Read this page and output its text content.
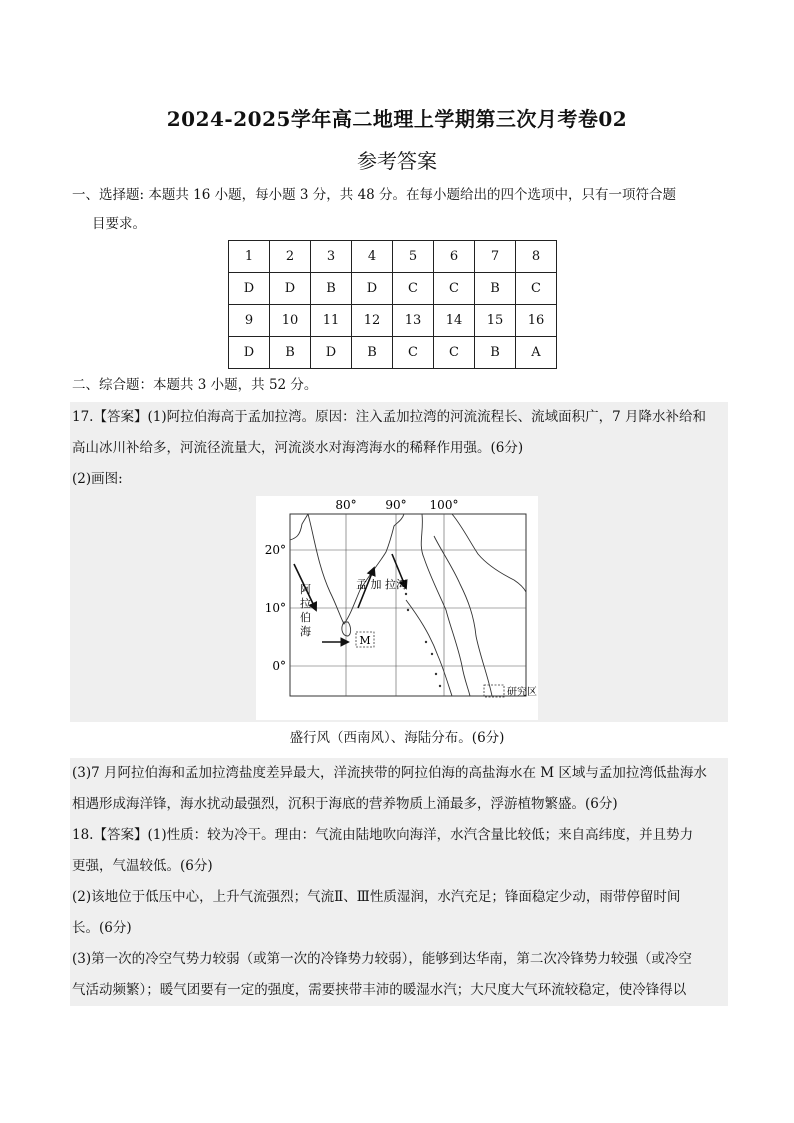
2024-2025学年高二地理上学期第三次月考卷02
参考答案
一、选择题: 本题共 16 小题，每小题 3 分，共 48 分。在每小题给出的四个选项中，只有一项符合题
目要求。
1	2	3	4	5	6	7	8
D	D	B	D	C	C	B	C
9	10	11	12	13	14	15	16
D	B	D	B	C	C	B	A
二、综合题：本题共 3 小题，共 52 分。
17.【答案】(1)阿拉伯海高于孟加拉湾。原因：注入孟加拉湾的河流流程长、流域面积广，7 月降水补给和
高山冰川补给多，河流径流量大，河流淡水对海湾海水的稀释作用强。(6分)
(2)画图:
80° 90° 100°
20°
10°
0°
阿
拉
伯
海
孟 加 拉湾
M
研究区
盛行风（西南风）、海陆分布。(6分)
(3)7 月阿拉伯海和孟加拉湾盐度差异最大，洋流挟带的阿拉伯海的高盐海水在 M 区域与孟加拉湾低盐海水
相遇形成海洋锋，海水扰动最强烈，沉积于海底的营养物质上涌最多，浮游植物繁盛。(6分)
18.【答案】(1)性质：较为冷干。理由：气流由陆地吹向海洋，水汽含量比较低；来自高纬度，并且势力
更强，气温较低。(6分)
(2)该地位于低压中心，上升气流强烈；气流Ⅱ、Ⅲ性质湿润，水汽充足；锋面稳定少动，雨带停留时间
长。(6分)
(3)第一次的冷空气势力较弱（或第一次的冷锋势力较弱），能够到达华南，第二次冷锋势力较强（或冷空
气活动频繁）；暖气团要有一定的强度，需要挟带丰沛的暖湿水汽；大尺度大气环流较稳定，使冷锋得以
